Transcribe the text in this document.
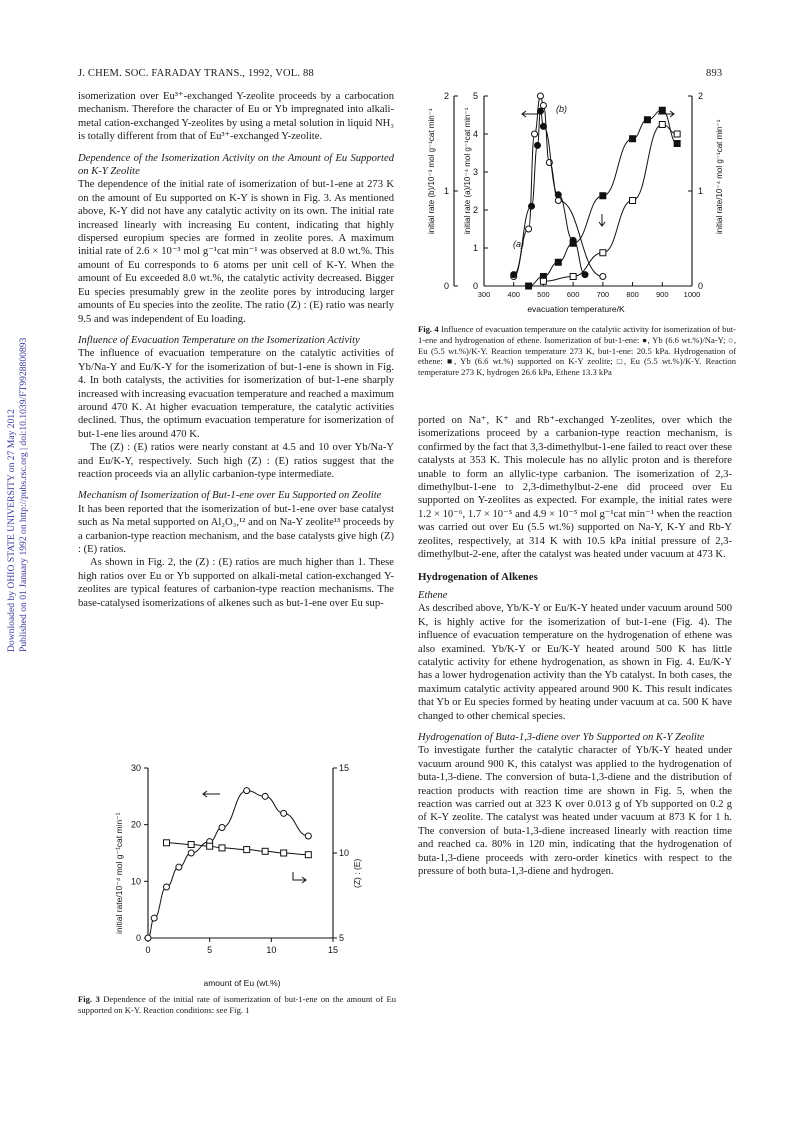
Downloaded by OHIO STATE UNIVERSITY on 27 May 2012 Published on 01 January 1992 on http://pubs.rsc.org | doi:10.1039/FT9928800893
J. CHEM. SOC. FARADAY TRANS., 1992, VOL. 88	893

isomerization over Eu³⁺-exchanged Y-zeolite proceeds by a carbocation mechanism. Therefore the character of Eu or Yb impregnated into alkali-metal cation-exchanged Y-zeolites by using a metal solution in liquid NH₃ is totally different from that of Eu³⁺-exchanged Y-zeolite.

Dependence of the Isomerization Activity on the Amount of Eu Supported on K-Y Zeolite

The dependence of the initial rate of isomerization of but-1-ene at 273 K on the amount of Eu supported on K-Y is shown in Fig. 3. As mentioned above, K-Y did not have any catalytic activity on its own. The initial rate increased linearly with increasing Eu content, indicating that highly dispersed europium species are formed in zeolite pores. A maximum initial rate of 2.6 × 10⁻³ mol g⁻¹cat min⁻¹ was observed at 8.0 wt.%. This amount of Eu corresponds to 6 atoms per unit cell of K-Y. When the amount of Eu exceeded 8.0 wt.%, the catalytic activity decreased. Bigger Eu species presumably grew in the zeolite pores by introducing larger amounts of Eu species into the zeolite. The ratio (Z) : (E) ratio was nearly 9.5 and was independent of Eu loading.

Influence of Evacuation Temperature on the Isomerization Activity

The influence of evacuation temperature on the catalytic activities of Yb/Na-Y and Eu/K-Y for the isomerization of but-1-ene is shown in Fig. 4. In both catalysts, the activities for isomerization of but-1-ene sharply increased with increasing evacuation temperature and reached a maximum around 470 K. At higher evacuation temperature, the catalytic activities declined. Thus, the optimum evacuation temperature for isomerization of but-1-ene lies around 470 K.

The (Z) : (E) ratios were nearly constant at 4.5 and 10 over Yb/Na-Y and Eu/K-Y, respectively. Such high (Z) : (E) ratios suggest that the reaction proceeds via an allylic carbanion-type intermediate.

Mechanism of Isomerization of But-1-ene over Eu Supported on Zeolite

It has been reported that the isomerization of but-1-ene over base catalyst such as Na metal supported on Al₂O₃,¹² and on Na-Y zeolite¹³ proceeds by a carbanion-type reaction mechanism, and the base catalysts give high (Z) : (E) ratios.

As shown in Fig. 2, the (Z) : (E) ratios are much higher than 1. These high ratios over Eu or Yb supported on alkali-metal cation-exchanged Y-zeolites are typical features of carbanion-type reaction mechanisms. The base-catalysed isomerizations of alkenes such as but-1-ene over Eu sup-

ported on Na⁺, K⁺ and Rb⁺-exchanged Y-zeolites, over which the isomerizations proceed by a carbanion-type reaction mechanism, is confirmed by the fact that 3,3-dimethylbut-1-ene failed to react over these catalysts at 353 K. This molecule has no allylic proton and is therefore unable to form an allylic-type carbanion. The isomerization of 2,3-dimethylbut-1-ene to 2,3-dimethylbut-2-ene did proceed over Eu supported on Y-zeolites as expected. For example, the initial rates were 1.2 × 10⁻⁶, 1.7 × 10⁻⁵ and 4.9 × 10⁻⁵ mol g⁻¹cat min⁻¹ when the reaction was carried out over Eu (5.5 wt.%) supported on Na-Y, K-Y and Rb-Y zeolites, respectively, at 314 K with 10.5 kPa initial pressure of 2,3-dimethylbut-2-ene, after the catalyst was heated under vacuum at 473 K.

Hydrogenation of Alkenes

Ethene

As described above, Yb/K-Y or Eu/K-Y heated under vacuum around 500 K, is highly active for the isomerization of but-1-ene (Fig. 4). The influence of evacuation temperature on the hydrogenation of ethene was also examined. Yb/K-Y or Eu/K-Y heated around 500 K has little catalytic activity for ethene hydrogenation, as shown in Fig. 4. Eu/K-Y has a lower hydrogenation activity than the Yb catalyst. In both cases, the maximum catalytic activity appeared around 900 K. This result indicates that Yb or Eu species formed by heating under vacuum at ca. 500 K have changed to other chemical species.

Hydrogenation of Buta-1,3-diene over Yb Supported on K-Y Zeolite

To investigate further the catalytic character of Yb/K-Y heated under vacuum around 900 K, this catalyst was applied to the hydrogenation of buta-1,3-diene. The conversion of buta-1,3-diene and the distribution of reaction products with reaction time are shown in Fig. 5, when the reaction was carried out at 323 K over 0.013 g of Yb supported on 0.2 g of K-Y zeolite. The catalyst was heated under vacuum at 873 K for 1 h. The conversion of buta-1,3-diene increased linearly with reaction time and reached ca. 80% in 120 min, indicating that the hydrogenation of buta-1,3-diene proceeds with zero-order kinetics with respect to the pressure of both buta-1,3-diene and hydrogen.

0
1
2
0
1
2
3
4
5
0
1
2
300 400 500 600 700 800 900 1000
(a)
(b)
evacuation temperature/K
initial rate (b)/10⁻³ mol g⁻¹cat min⁻¹	initial rate (a)/10⁻⁴ mol g⁻¹cat min⁻¹	initial rate/10⁻⁴ mol g⁻¹cat min⁻¹
Fig. 4 Influence of evacuation temperature on the catalytic activity for isomerization of but-1-ene and hydrogenation of ethene. Isomerization of but-1-ene: ●, Yb (6.6 wt.%)/Na-Y; ○, Eu (5.5 wt.%)/K-Y. Reaction temperature 273 K, but-1-ene: 20.5 kPa. Hydrogenation of ethene: ■, Yb (6.6 wt.%) supported on K-Y zeolite; □, Eu (5.5 wt.%)/K-Y. Reaction temperature 273 K, hydrogen 26.6 kPa, Ethene 13.3 kPa
0
10
20
30
5
10
15
0	5	10	15
amount of Eu (wt.%)
initial rate/10⁻⁴ mol g⁻¹cat min⁻¹	(Z) : (E)
Fig. 3 Dependence of the initial rate of isomerization of but-1-ene on the amount of Eu supported on K-Y. Reaction conditions: see Fig. 1
